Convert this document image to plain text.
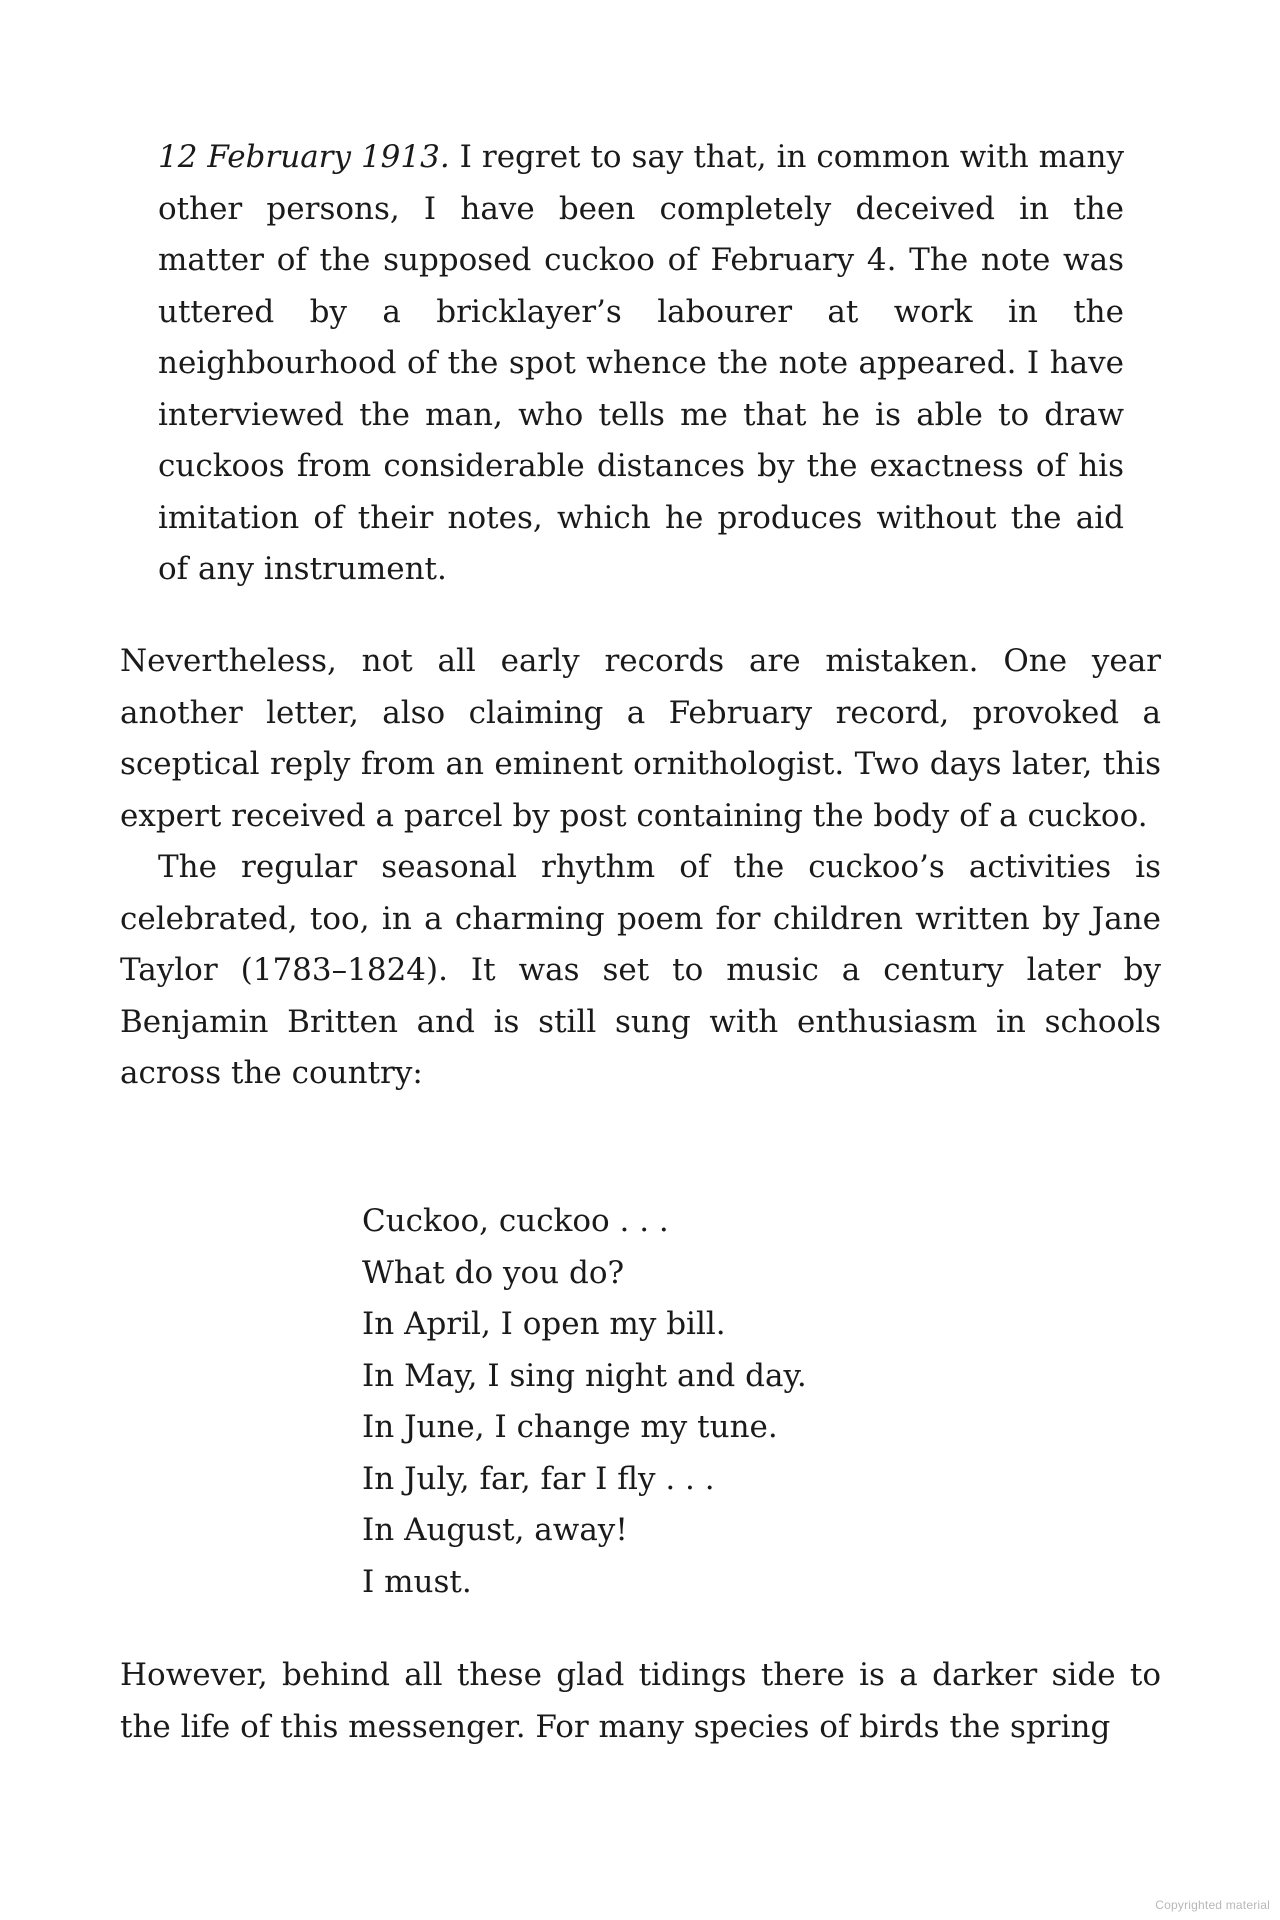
12 February 1913. I regret to say that, in common with many other persons, I have been completely deceived in the matter of the supposed cuckoo of February 4. The note was uttered by a bricklayer’s labourer at work in the neighbourhood of the spot whence the note appeared. I have interviewed the man, who tells me that he is able to draw cuckoos from considerable distances by the exactness of his imitation of their notes, which he produces without the aid of any instrument.

Nevertheless, not all early records are mistaken. One year another letter, also claiming a February record, provoked a sceptical reply from an eminent ornithologist. Two days later, this expert received a parcel by post containing the body of a cuckoo.

The regular seasonal rhythm of the cuckoo’s activities is celebrated, too, in a charming poem for children written by Jane Taylor (1783–1824). It was set to music a century later by Benjamin Britten and is still sung with enthusiasm in schools across the country:

Cuckoo, cuckoo . . .
What do you do?
In April, I open my bill.
In May, I sing night and day.
In June, I change my tune.
In July, far, far I fly . . .
In August, away!
I must.

However, behind all these glad tidings there is a darker side to the life of this messenger. For many species of birds the spring

Copyrighted material
